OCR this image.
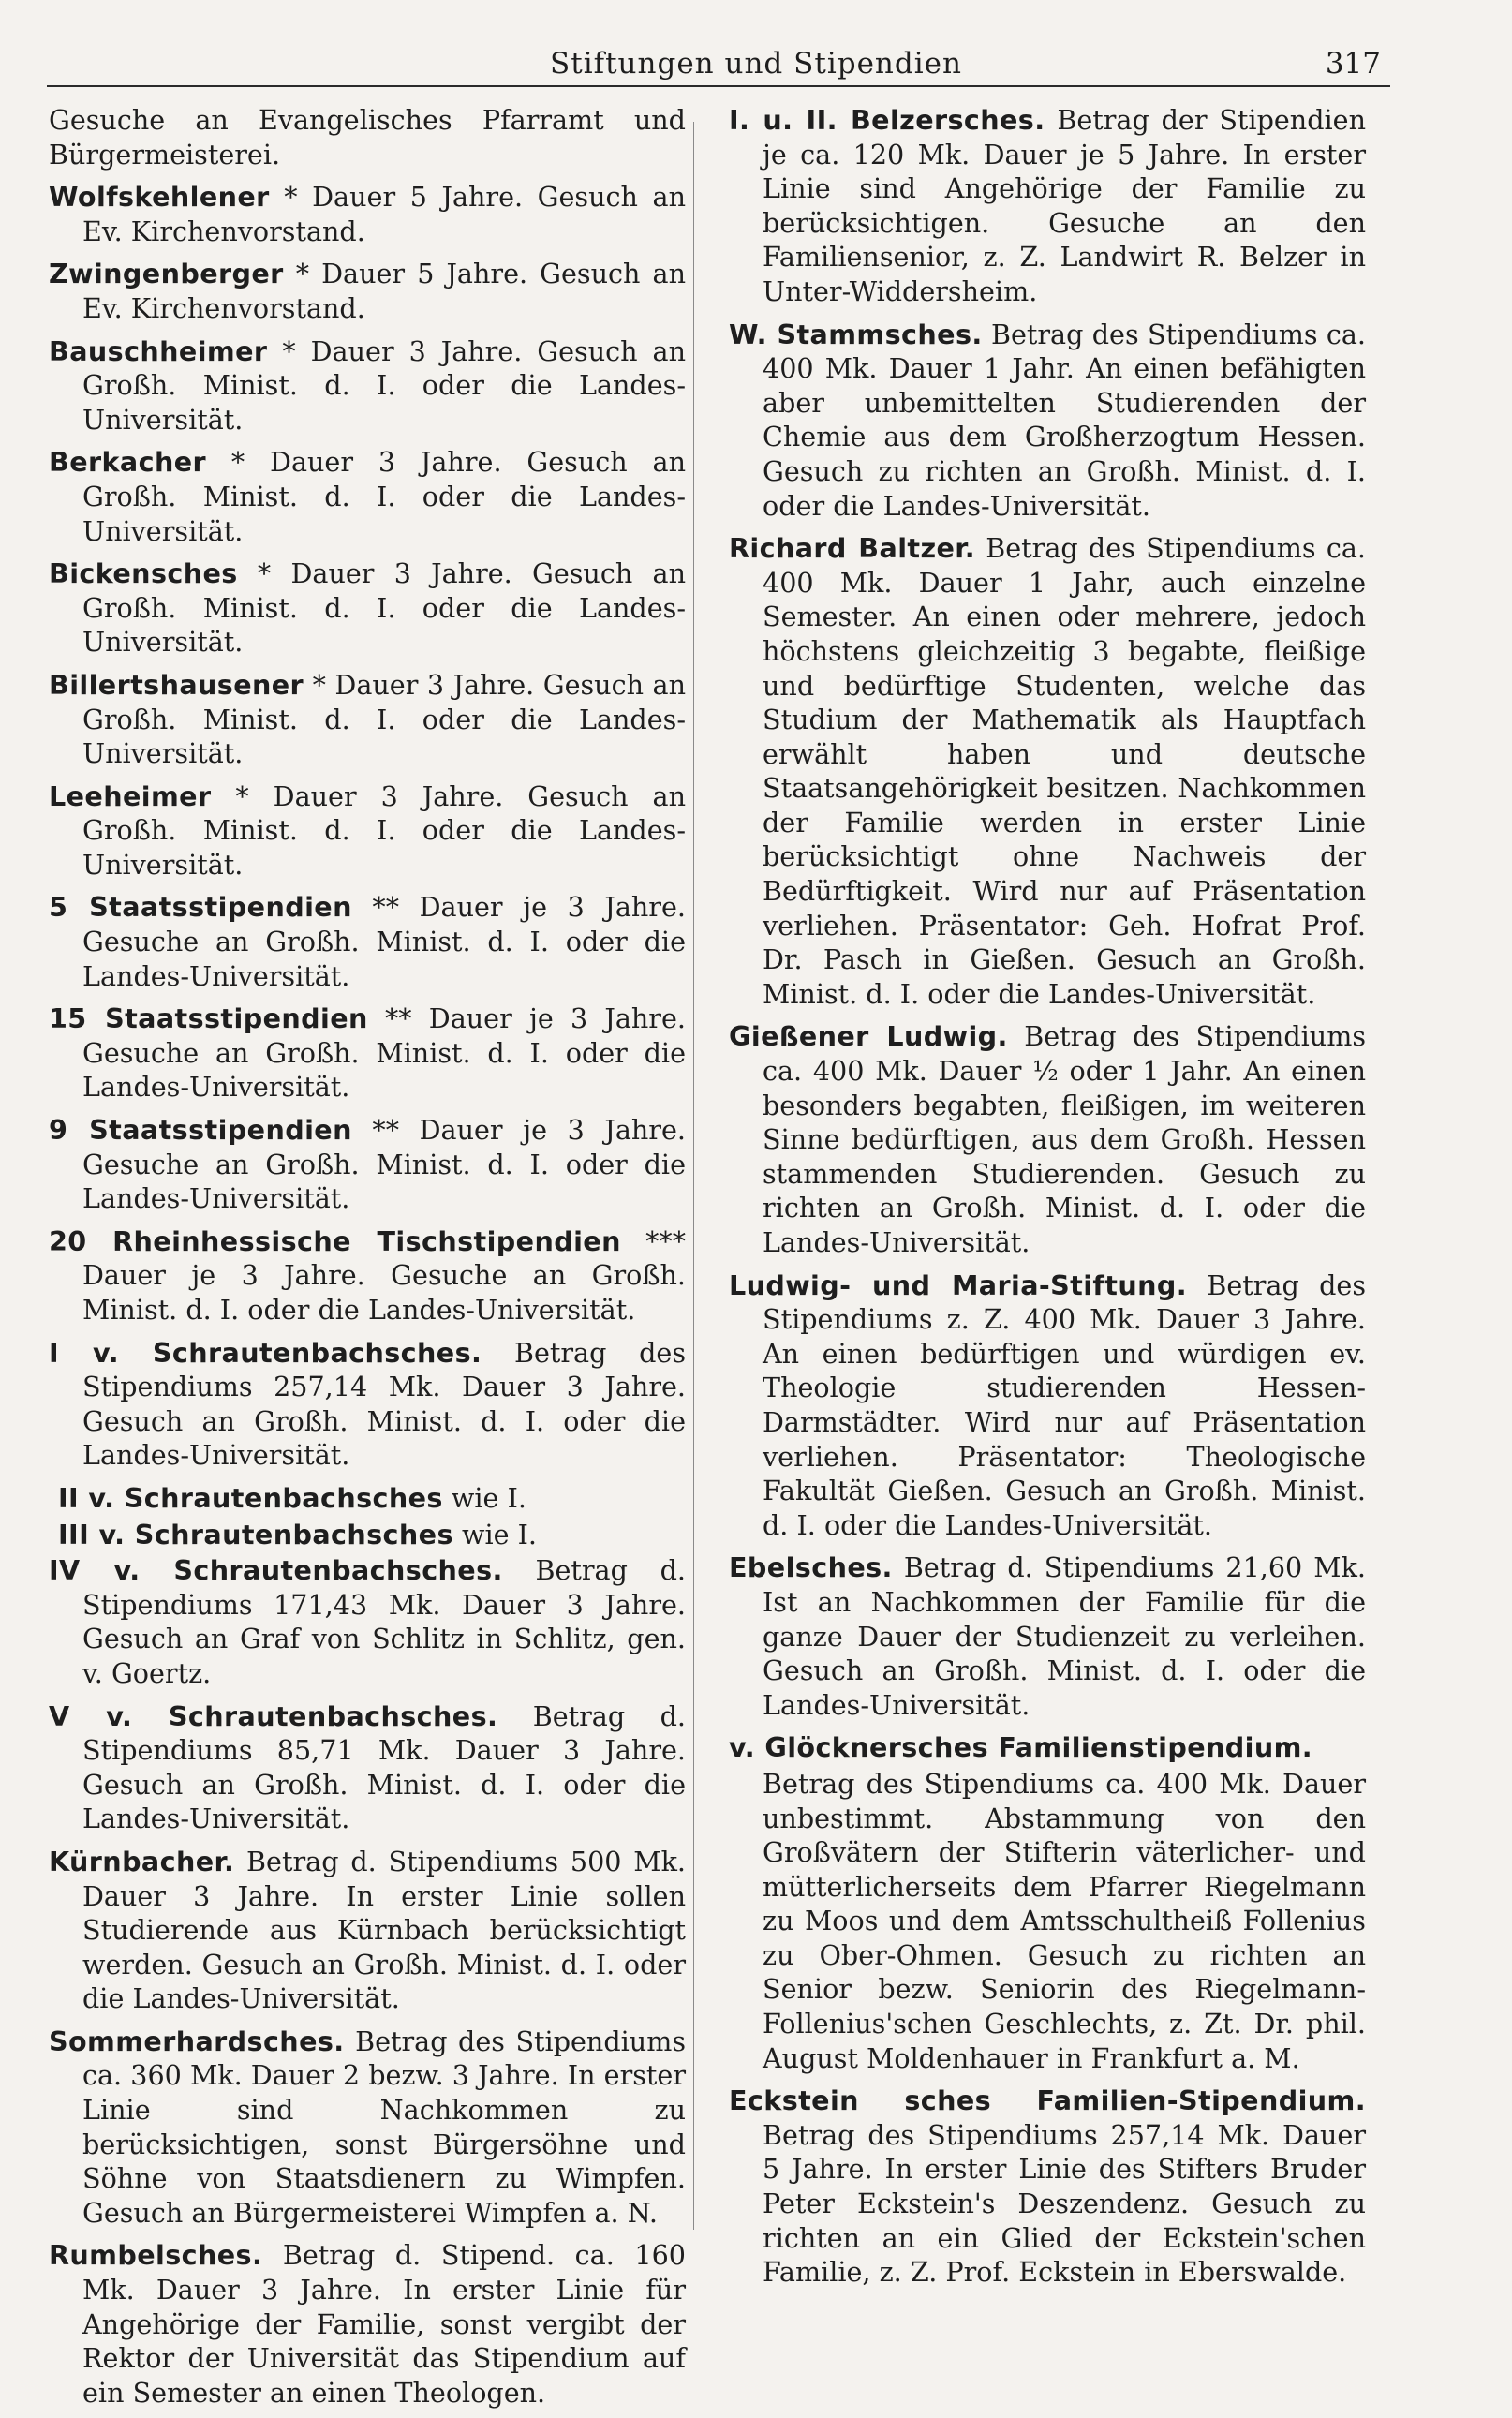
Stiftungen und Stipendien	317

Gesuche an Evangelisches Pfarramt und Bürgermeisterei.

Wolfskehlener * Dauer 5 Jahre. Gesuch an Ev. Kirchenvorstand.

Zwingenberger * Dauer 5 Jahre. Gesuch an Ev. Kirchenvorstand.

Bauschheimer * Dauer 3 Jahre. Gesuch an Großh. Minist. d. I. oder die Landes-Universität.

Berkacher * Dauer 3 Jahre. Gesuch an Großh. Minist. d. I. oder die Landes-Universität.

Bickensches * Dauer 3 Jahre. Gesuch an Großh. Minist. d. I. oder die Landes-Universität.

Billertshausener * Dauer 3 Jahre. Gesuch an Großh. Minist. d. I. oder die Landes-Universität.

Leeheimer * Dauer 3 Jahre. Gesuch an Großh. Minist. d. I. oder die Landes-Universität.

5 Staatsstipendien ** Dauer je 3 Jahre. Gesuche an Großh. Minist. d. I. oder die Landes-Universität.

15 Staatsstipendien ** Dauer je 3 Jahre. Gesuche an Großh. Minist. d. I. oder die Landes-Universität.

9 Staatsstipendien ** Dauer je 3 Jahre. Gesuche an Großh. Minist. d. I. oder die Landes-Universität.

20 Rheinhessische Tischstipendien *** Dauer je 3 Jahre. Gesuche an Großh. Minist. d. I. oder die Landes-Universität.

I v. Schrautenbachsches. Betrag des Stipendiums 257,14 Mk. Dauer 3 Jahre. Gesuch an Großh. Minist. d. I. oder die Landes-Universität.

II v. Schrautenbachsches wie I.

III v. Schrautenbachsches wie I.

IV v. Schrautenbachsches. Betrag d. Stipendiums 171,43 Mk. Dauer 3 Jahre. Gesuch an Graf von Schlitz in Schlitz, gen. v. Goertz.

V v. Schrautenbachsches. Betrag d. Stipendiums 85,71 Mk. Dauer 3 Jahre. Gesuch an Großh. Minist. d. I. oder die Landes-Universität.

Kürnbacher. Betrag d. Stipendiums 500 Mk. Dauer 3 Jahre. In erster Linie sollen Studierende aus Kürnbach berücksichtigt werden. Gesuch an Großh. Minist. d. I. oder die Landes-Universität.

Sommerhardsches. Betrag des Stipendiums ca. 360 Mk. Dauer 2 bezw. 3 Jahre. In erster Linie sind Nachkommen zu berücksichtigen, sonst Bürgersöhne und Söhne von Staatsdienern zu Wimpfen. Gesuch an Bürgermeisterei Wimpfen a. N.

Rumbelsches. Betrag d. Stipend. ca. 160 Mk. Dauer 3 Jahre. In erster Linie für Angehörige der Familie, sonst vergibt der Rektor der Universität das Stipendium auf ein Semester an einen Theologen.

I. u. II. Belzersches. Betrag der Stipendien je ca. 120 Mk. Dauer je 5 Jahre. In erster Linie sind Angehörige der Familie zu berücksichtigen. Gesuche an den Familiensenior, z. Z. Landwirt R. Belzer in Unter-Widdersheim.

W. Stammsches. Betrag des Stipendiums ca. 400 Mk. Dauer 1 Jahr. An einen befähigten aber unbemittelten Studierenden der Chemie aus dem Großherzogtum Hessen. Gesuch zu richten an Großh. Minist. d. I. oder die Landes-Universität.

Richard Baltzer. Betrag des Stipendiums ca. 400 Mk. Dauer 1 Jahr, auch einzelne Semester. An einen oder mehrere, jedoch höchstens gleichzeitig 3 begabte, fleißige und bedürftige Studenten, welche das Studium der Mathematik als Hauptfach erwählt haben und deutsche Staatsangehörigkeit besitzen. Nachkommen der Familie werden in erster Linie berücksichtigt ohne Nachweis der Bedürftigkeit. Wird nur auf Präsentation verliehen. Präsentator: Geh. Hofrat Prof. Dr. Pasch in Gießen. Gesuch an Großh. Minist. d. I. oder die Landes-Universität.

Gießener Ludwig. Betrag des Stipendiums ca. 400 Mk. Dauer ½ oder 1 Jahr. An einen besonders begabten, fleißigen, im weiteren Sinne bedürftigen, aus dem Großh. Hessen stammenden Studierenden. Gesuch zu richten an Großh. Minist. d. I. oder die Landes-Universität.

Ludwig- und Maria-Stiftung. Betrag des Stipendiums z. Z. 400 Mk. Dauer 3 Jahre. An einen bedürftigen und würdigen ev. Theologie studierenden Hessen-Darmstädter. Wird nur auf Präsentation verliehen. Präsentator: Theologische Fakultät Gießen. Gesuch an Großh. Minist. d. I. oder die Landes-Universität.

Ebelsches. Betrag d. Stipendiums 21,60 Mk. Ist an Nachkommen der Familie für die ganze Dauer der Studienzeit zu verleihen. Gesuch an Großh. Minist. d. I. oder die Landes-Universität.

v. Glöcknersches Familienstipendium.

Betrag des Stipendiums ca. 400 Mk. Dauer unbestimmt. Abstammung von den Großvätern der Stifterin väterlicher- und mütterlicherseits dem Pfarrer Riegelmann zu Moos und dem Amtsschultheiß Follenius zu Ober-Ohmen. Gesuch zu richten an Senior bezw. Seniorin des Riegelmann-Follenius'schen Geschlechts, z. Zt. Dr. phil. August Moldenhauer in Frankfurt a. M.

Eckstein sches Familien-Stipendium. Betrag des Stipendiums 257,14 Mk. Dauer 5 Jahre. In erster Linie des Stifters Bruder Peter Eckstein's Deszendenz. Gesuch zu richten an ein Glied der Eckstein'schen Familie, z. Z. Prof. Eckstein in Eberswalde.
